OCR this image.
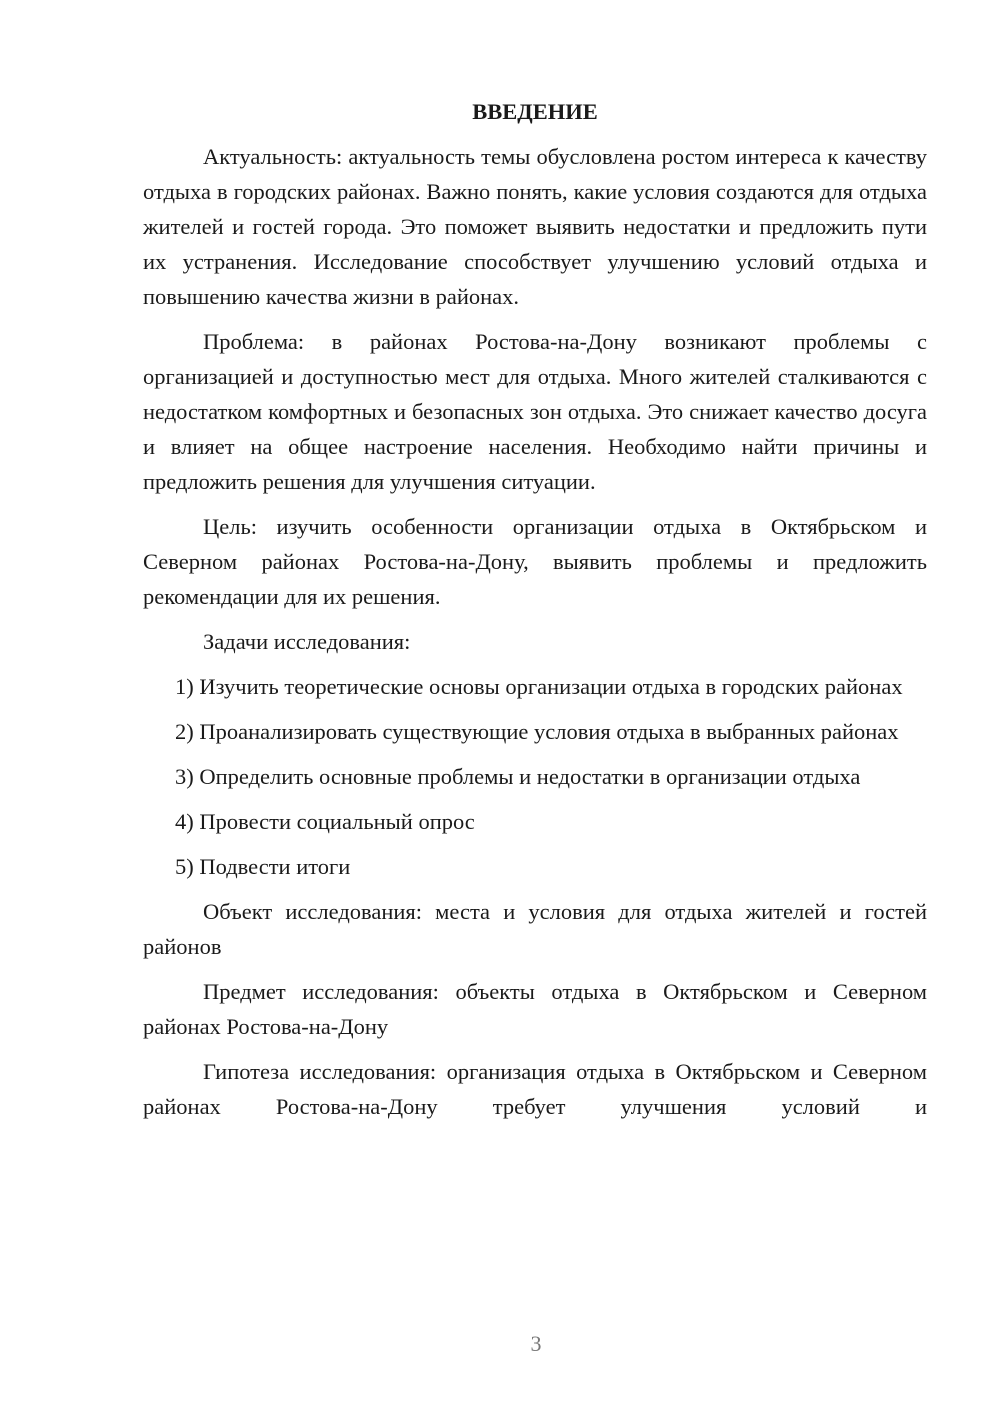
ВВЕДЕНИЕ

Актуальность: актуальность темы обусловлена ростом интереса к качеству отдыха в городских районах. Важно понять, какие условия создаются для отдыха жителей и гостей города. Это поможет выявить недостатки и предложить пути их устранения. Исследование способствует улучшению условий отдыха и повышению качества жизни в районах.

Проблема: в районах Ростова-на-Дону возникают проблемы с организацией и доступностью мест для отдыха. Много жителей сталкиваются с недостатком комфортных и безопасных зон отдыха. Это снижает качество досуга и влияет на общее настроение населения. Необходимо найти причины и предложить решения для улучшения ситуации.

Цель: изучить особенности организации отдыха в Октябрьском и Северном районах Ростова-на-Дону, выявить проблемы и предложить рекомендации для их решения.

Задачи исследования:

1) Изучить теоретические основы организации отдыха в городских районах

2) Проанализировать существующие условия отдыха в выбранных районах

3) Определить основные проблемы и недостатки в организации отдыха

4) Провести социальный опрос

5) Подвести итоги

Объект исследования: места и условия для отдыха жителей и гостей районов

Предмет исследования: объекты отдыха в Октябрьском и Северном районах Ростова-на-Дону

Гипотеза исследования: организация отдыха в Октябрьском и Северном районах Ростова-на-Дону требует улучшения условий и

3
